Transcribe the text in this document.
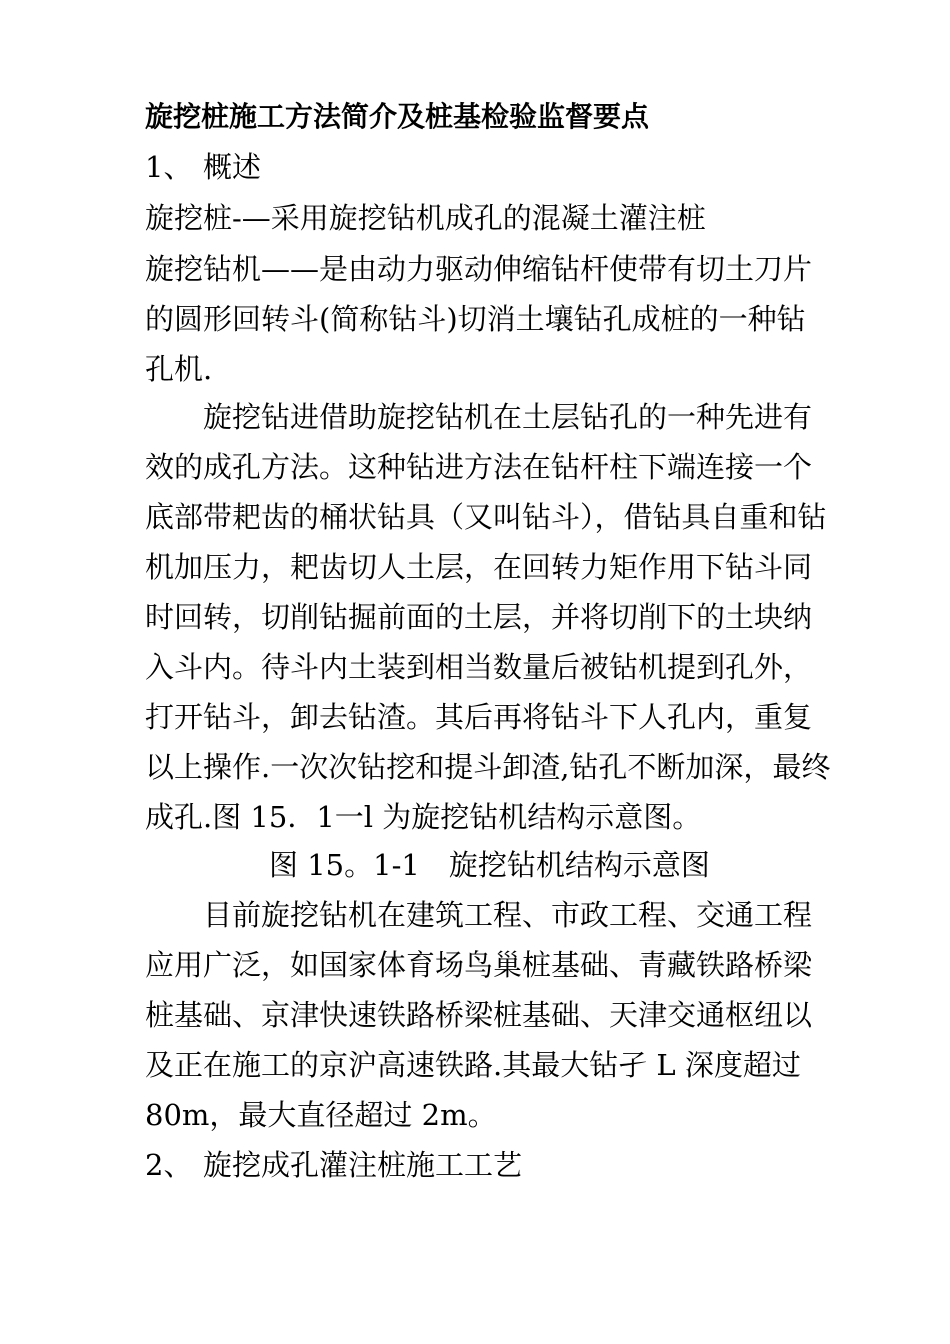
旋挖桩施工方法简介及桩基检验监督要点
1、 概述
旋挖桩-—采用旋挖钻机成孔的混凝土灌注桩
旋挖钻机——是由动力驱动伸缩钻杆使带有切土刀片
的圆形回转斗(简称钻斗)切消土壤钻孔成桩的一种钻
孔机.
旋挖钻进借助旋挖钻机在土层钻孔的一种先进有
效的成孔方法。这种钻进方法在钻杆柱下端连接一个
底部带耙齿的桶状钻具（又叫钻斗），借钻具自重和钻
机加压力，耙齿切人土层，在回转力矩作用下钻斗同
时回转，切削钻掘前面的土层，并将切削下的土块纳
入斗内。待斗内土装到相当数量后被钻机提到孔外，
打开钻斗，卸去钻渣。其后再将钻斗下人孔内，重复
以上操作.一次次钻挖和提斗卸渣,钻孔不断加深，最终
成孔.图 15．1一l 为旋挖钻机结构示意图。
图 15。1-1　旋挖钻机结构示意图
目前旋挖钻机在建筑工程、市政工程、交通工程
应用广泛，如国家体育场鸟巢桩基础、青藏铁路桥梁
桩基础、京津快速铁路桥梁桩基础、天津交通枢纽以
及正在施工的京沪高速铁路.其最大钻孑 L 深度超过
80m，最大直径超过 2m。
2、 旋挖成孔灌注桩施工工艺
